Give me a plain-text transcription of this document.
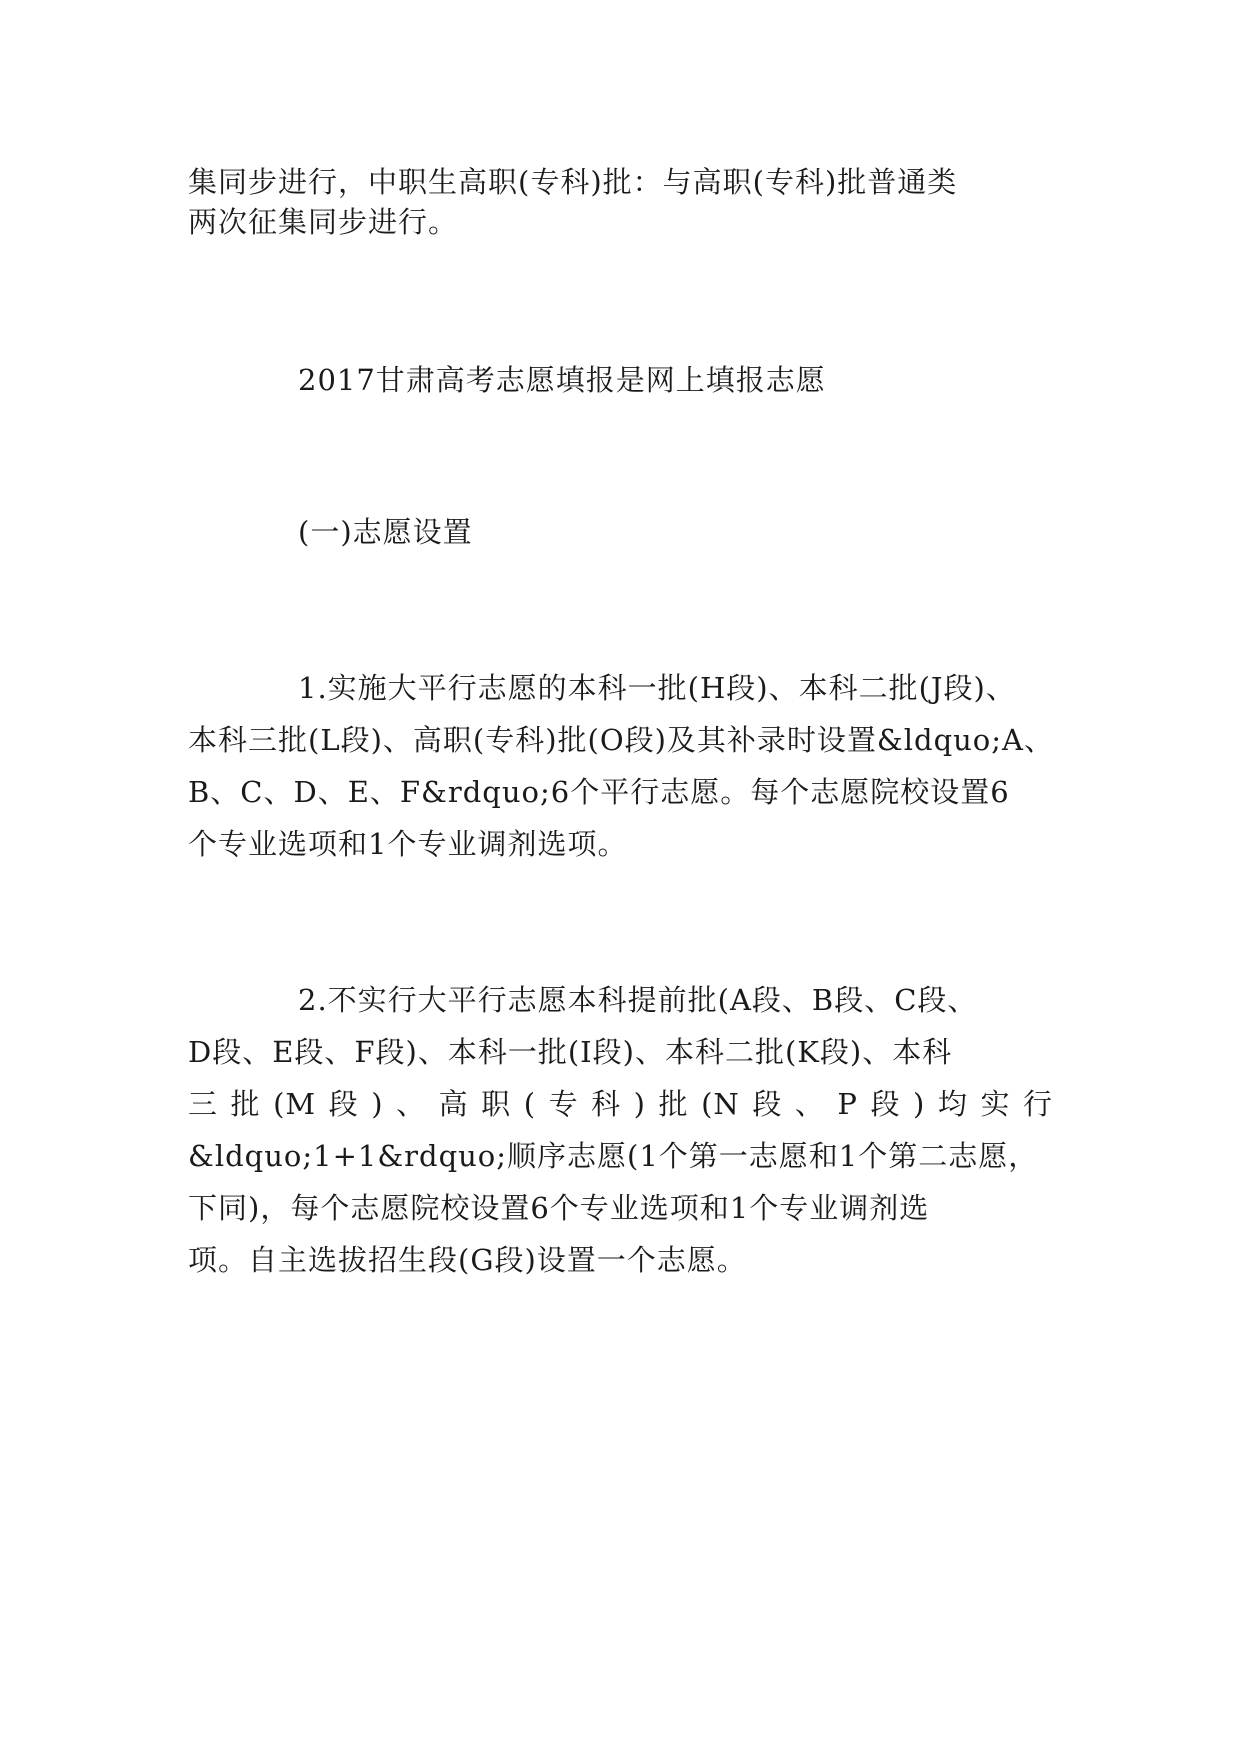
集同步进行，中职生高职(专科)批：与高职(专科)批普通类
两次征集同步进行。
2017甘肃高考志愿填报是网上填报志愿
(一)志愿设置
1.实施大平行志愿的本科一批(H段)、本科二批(J段)、
本科三批(L段)、高职(专科)批(O段)及其补录时设置&ldquo;A、
B、C、D、E、F&rdquo;6个平行志愿。每个志愿院校设置6
个专业选项和1个专业调剂选项。
2.不实行大平行志愿本科提前批(A段、B段、C段、
D段、E段、F段)、本科一批(I段)、本科二批(K段)、本科
三批(M段)、高职(专科)批(N段、P段)均实行
&ldquo;1+1&rdquo;顺序志愿(1个第一志愿和1个第二志愿，
下同)，每个志愿院校设置6个专业选项和1个专业调剂选
项。自主选拔招生段(G段)设置一个志愿。
